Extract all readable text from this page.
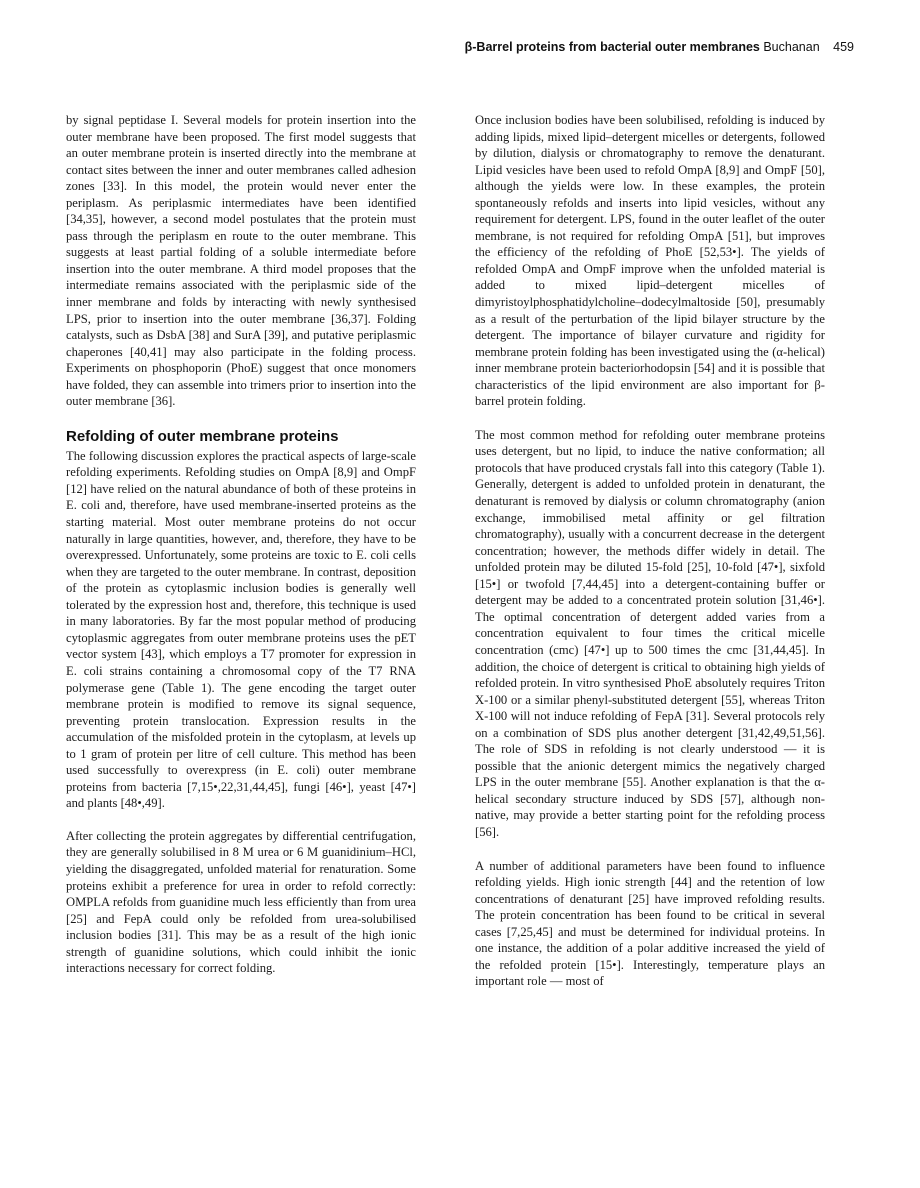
β-Barrel proteins from bacterial outer membranes Buchanan 459

by signal peptidase I. Several models for protein insertion into the outer membrane have been proposed. The first model suggests that an outer membrane protein is inserted directly into the membrane at contact sites between the inner and outer membranes called adhesion zones [33]. In this model, the protein would never enter the periplasm. As periplasmic intermediates have been identified [34,35], however, a second model postulates that the protein must pass through the periplasm en route to the outer membrane. This suggests at least partial folding of a soluble intermediate before insertion into the outer membrane. A third model proposes that the intermediate remains associated with the periplasmic side of the inner membrane and folds by interacting with newly synthesised LPS, prior to insertion into the outer membrane [36,37]. Folding catalysts, such as DsbA [38] and SurA [39], and putative periplasmic chaperones [40,41] may also participate in the folding process. Experiments on phosphoporin (PhoE) suggest that once monomers have folded, they can assemble into trimers prior to insertion into the outer membrane [36].

Refolding of outer membrane proteins

The following discussion explores the practical aspects of large-scale refolding experiments. Refolding studies on OmpA [8,9] and OmpF [12] have relied on the natural abundance of both of these proteins in E. coli and, therefore, have used membrane-inserted proteins as the starting material. Most outer membrane proteins do not occur naturally in large quantities, however, and, therefore, they have to be overexpressed. Unfortunately, some proteins are toxic to E. coli cells when they are targeted to the outer membrane. In contrast, deposition of the protein as cytoplasmic inclusion bodies is generally well tolerated by the expression host and, therefore, this technique is used in many laboratories. By far the most popular method of producing cytoplasmic aggregates from outer membrane proteins uses the pET vector system [43], which employs a T7 promoter for expression in E. coli strains containing a chromosomal copy of the T7 RNA polymerase gene (Table 1). The gene encoding the target outer membrane protein is modified to remove its signal sequence, preventing protein translocation. Expression results in the accumulation of the misfolded protein in the cytoplasm, at levels up to 1 gram of protein per litre of cell culture. This method has been used successfully to overexpress (in E. coli) outer membrane proteins from bacteria [7,15•,22,31,44,45], fungi [46•], yeast [47•] and plants [48•,49].

After collecting the protein aggregates by differential centrifugation, they are generally solubilised in 8 M urea or 6 M guanidinium–HCl, yielding the disaggregated, unfolded material for renaturation. Some proteins exhibit a preference for urea in order to refold correctly: OMPLA refolds from guanidine much less efficiently than from urea [25] and FepA could only be refolded from urea-solubilised inclusion bodies [31]. This may be as a result of the high ionic strength of guanidine solutions, which could inhibit the ionic interactions necessary for correct folding.

Once inclusion bodies have been solubilised, refolding is induced by adding lipids, mixed lipid–detergent micelles or detergents, followed by dilution, dialysis or chromatography to remove the denaturant. Lipid vesicles have been used to refold OmpA [8,9] and OmpF [50], although the yields were low. In these examples, the protein spontaneously refolds and inserts into lipid vesicles, without any requirement for detergent. LPS, found in the outer leaflet of the outer membrane, is not required for refolding OmpA [51], but improves the efficiency of the refolding of PhoE [52,53•]. The yields of refolded OmpA and OmpF improve when the unfolded material is added to mixed lipid–detergent micelles of dimyristoylphosphatidylcholine–dodecylmaltoside [50], presumably as a result of the perturbation of the lipid bilayer structure by the detergent. The importance of bilayer curvature and rigidity for membrane protein folding has been investigated using the (α-helical) inner membrane protein bacteriorhodopsin [54] and it is possible that characteristics of the lipid environment are also important for β-barrel protein folding.

The most common method for refolding outer membrane proteins uses detergent, but no lipid, to induce the native conformation; all protocols that have produced crystals fall into this category (Table 1). Generally, detergent is added to unfolded protein in denaturant, the denaturant is removed by dialysis or column chromatography (anion exchange, immobilised metal affinity or gel filtration chromatography), usually with a concurrent decrease in the detergent concentration; however, the methods differ widely in detail. The unfolded protein may be diluted 15-fold [25], 10-fold [47•], sixfold [15•] or twofold [7,44,45] into a detergent-containing buffer or detergent may be added to a concentrated protein solution [31,46•]. The optimal concentration of detergent added varies from a concentration equivalent to four times the critical micelle concentration (cmc) [47•] up to 500 times the cmc [31,44,45]. In addition, the choice of detergent is critical to obtaining high yields of refolded protein. In vitro synthesised PhoE absolutely requires Triton X-100 or a similar phenyl-substituted detergent [55], whereas Triton X-100 will not induce refolding of FepA [31]. Several protocols rely on a combination of SDS plus another detergent [31,42,49,51,56]. The role of SDS in refolding is not clearly understood — it is possible that the anionic detergent mimics the negatively charged LPS in the outer membrane [55]. Another explanation is that the α-helical secondary structure induced by SDS [57], although non-native, may provide a better starting point for the refolding process [56].

A number of additional parameters have been found to influence refolding yields. High ionic strength [44] and the retention of low concentrations of denaturant [25] have improved refolding results. The protein concentration has been found to be critical in several cases [7,25,45] and must be determined for individual proteins. In one instance, the addition of a polar additive increased the yield of the refolded protein [15•]. Interestingly, temperature plays an important role — most of
